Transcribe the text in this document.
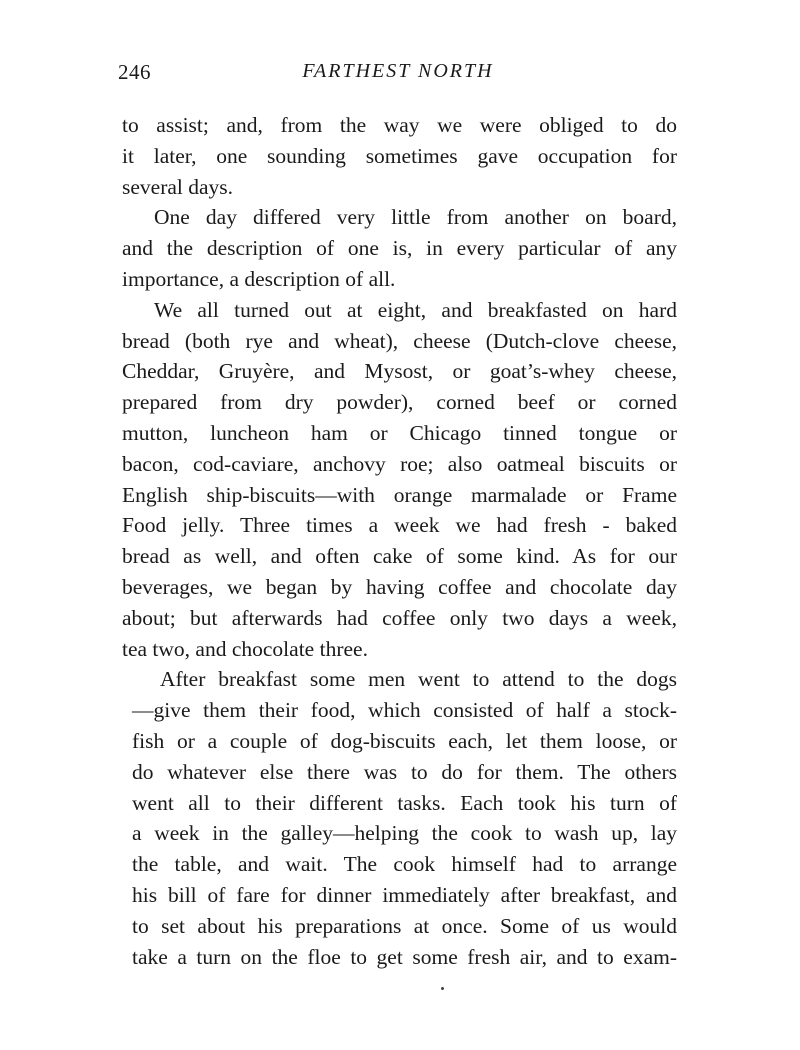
246	FARTHEST NORTH
to assist; and, from the way we were obliged to do
it later, one sounding sometimes gave occupation for
several days.
One day differed very little from another on board,
and the description of one is, in every particular of any
importance, a description of all.
We all turned out at eight, and breakfasted on hard
bread (both rye and wheat), cheese (Dutch-clove cheese,
Cheddar, Gruyère, and Mysost, or goat’s-whey cheese,
prepared from dry powder), corned beef or corned
mutton, luncheon ham or Chicago tinned tongue or
bacon, cod-caviare, anchovy roe; also oatmeal biscuits or
English ship-biscuits—with orange marmalade or Frame
Food jelly. Three times a week we had fresh - baked
bread as well, and often cake of some kind. As for our
beverages, we began by having coffee and chocolate day
about; but afterwards had coffee only two days a week,
tea two, and chocolate three.
After breakfast some men went to attend to the dogs
—give them their food, which consisted of half a stock-
fish or a couple of dog-biscuits each, let them loose, or
do whatever else there was to do for them. The others
went all to their different tasks. Each took his turn of
a week in the galley—helping the cook to wash up, lay
the table, and wait. The cook himself had to arrange
his bill of fare for dinner immediately after breakfast, and
to set about his preparations at once. Some of us would
take a turn on the floe to get some fresh air, and to exam-
